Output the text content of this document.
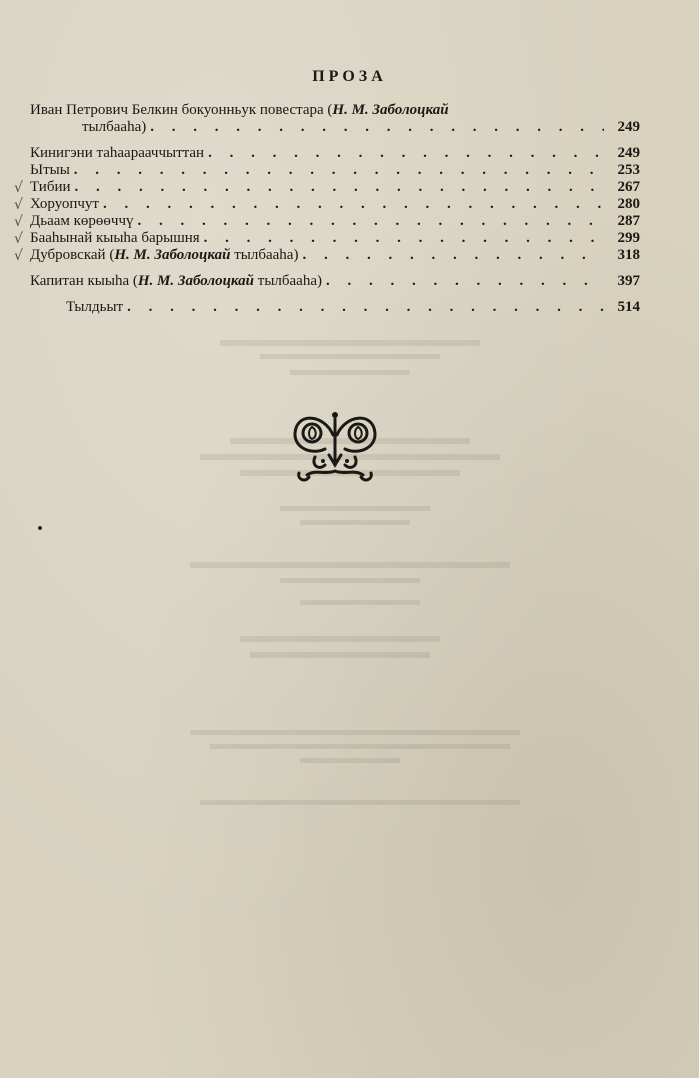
ПРОЗА
Иван Петрович Белкин бокуонньук повестара (Н. М. Заболоцкай
тылбааһа) . . .	249
Кинигэни таһаарааччыттан . . .	249
Ытыы . . .	253
√ Тибии . . .	267
√ Хоруопчут . . .	280
√ Дьаам көрөөччү . . .	287
√ Бааһынай кыыһа барышня . . .	299
√ Дубровскай (Н. М. Заболоцкай тылбааһа) . . .	318
Капитан кыыһа (Н. М. Заболоцкай тылбааһа) . . .	397
Тылдьыт . . .	514
